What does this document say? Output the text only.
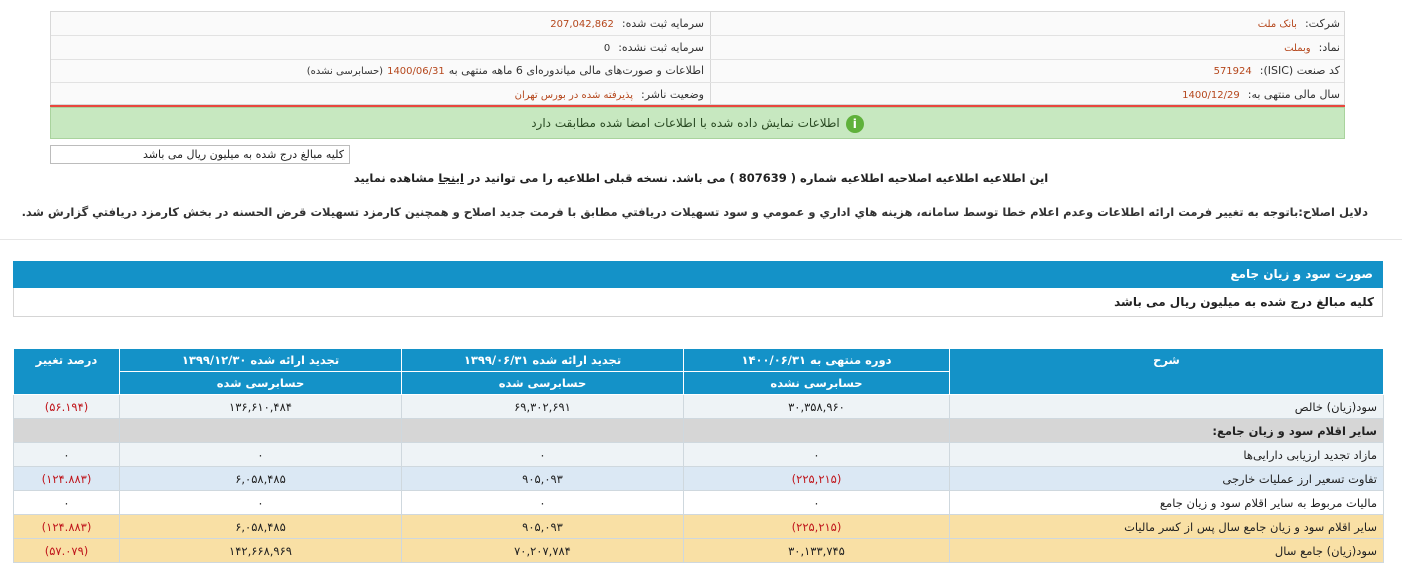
شرکت:بانک ملت
سرمایه ثبت شده:207,042,862
نماد:وبملت
سرمایه ثبت نشده:0
کد صنعت (ISIC):571924
اطلاعات و صورت‌های مالی میاندوره‌ای 6 ماهه منتهی به1400/06/31(حسابرسی نشده)
سال مالی منتهی به:1400/12/29
وضعیت ناشر:پذیرفته شده در بورس تهران
iاطلاعات نمایش داده شده با اطلاعات امضا شده مطابقت دارد
کلیه مبالغ درج شده به میلیون ریال می باشد
این اطلاعیه اطلاعیه اصلاحیه اطلاعیه شماره ( 807639 ) می باشد. نسخه قبلی اطلاعیه را می توانید در اینجا مشاهده نمایید
دلایل اصلاح:باتوجه به تغییر فرمت ارائه اطلاعات وعدم اعلام خطا توسط سامانه، هزينه هاي اداري و عمومي و سود تسهيلات دريافتي مطابق با فرمت جديد اصلاح و همچنين كارمزد تسهيلات قرض الحسنه در بخش كارمزد دريافتي گزارش شد.
صورت سود و زیان جامع
کلیه مبالغ درج شده به میلیون ریال می باشد
شرح	دوره منتهی به ۱۴۰۰/۰۶/۳۱	تجدید ارائه شده ۱۳۹۹/۰۶/۳۱	تجدید ارائه شده ۱۳۹۹/۱۲/۳۰	درصد تغییر
	حسابرسی نشده	حسابرسی شده	حسابرسی شده	
سود(زیان) خالص	۳۰,۳۵۸,۹۶۰	۶۹,۳۰۲,۶۹۱	۱۳۶,۶۱۰,۴۸۴	(۵۶.۱۹۴)
سایر اقلام سود و زیان جامع:				
مازاد تجدید ارزیابی دارایی‌ها	۰	۰	۰	۰
تفاوت تسعیر ارز عملیات خارجی	(۲۲۵,۲۱۵)	۹۰۵,۰۹۳	۶,۰۵۸,۴۸۵	(۱۲۴.۸۸۳)
مالیات مربوط به سایر اقلام سود و زیان جامع	۰	۰	۰	۰
سایر اقلام سود و زیان جامع سال پس از کسر مالیات	(۲۲۵,۲۱۵)	۹۰۵,۰۹۳	۶,۰۵۸,۴۸۵	(۱۲۴.۸۸۳)
سود(زیان) جامع سال	۳۰,۱۳۳,۷۴۵	۷۰,۲۰۷,۷۸۴	۱۴۲,۶۶۸,۹۶۹	(۵۷.۰۷۹)
